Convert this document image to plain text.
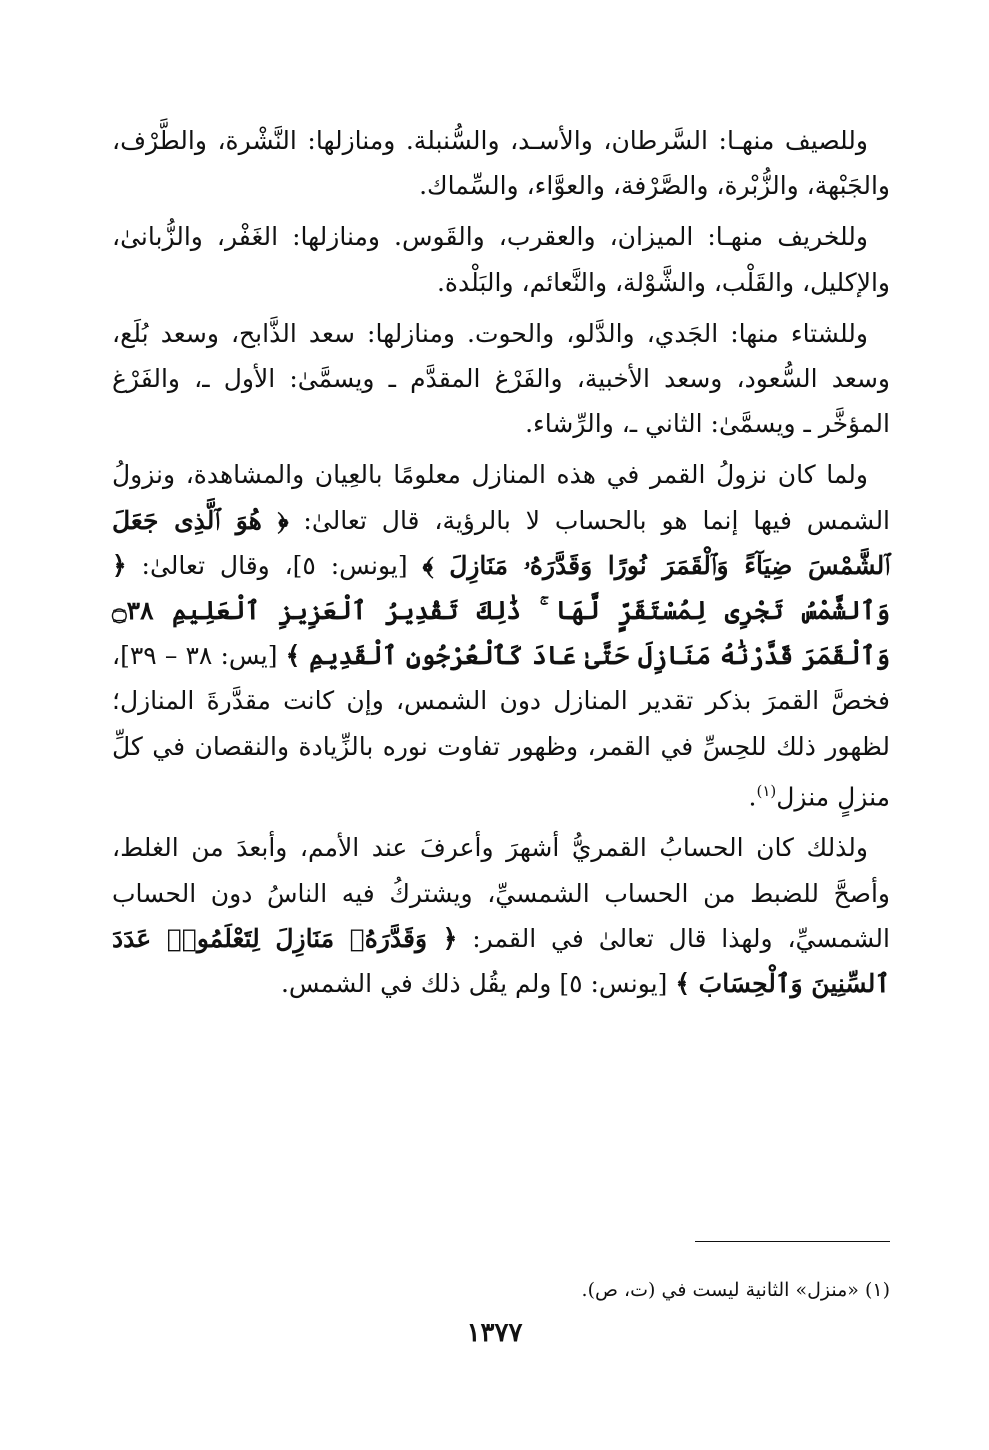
وللصيف منهـا: السَّرطان، والأسـد، والسُّنبلة. ومنازلها: النَّشْرة، والطَّرْف، والجَبْهة، والزُّبْرة، والصَّرْفة، والعوَّاء، والسِّماك.

وللخريف منهـا: الميزان، والعقرب، والقَوس. ومنازلها: الغَفْر، والزُّبانىٰ، والإكليل، والقَلْب، والشَّوْلة، والنَّعائم، والبَلْدة.

وللشتاء منها: الجَدي، والدَّلو، والحوت. ومنازلها: سعد الذَّابح، وسعد بُلَع، وسعد السُّعود، وسعد الأخبية، والفَرْغ المقدَّم ـ ويسمَّىٰ: الأول ـ، والفَرْغ المؤخَّر ـ ويسمَّىٰ: الثاني ـ، والرِّشاء.

ولما كان نزولُ القمر في هذه المنازل معلومًا بالعِيان والمشاهدة، ونزولُ الشمس فيها إنما هو بالحساب لا بالرؤية، قال تعالىٰ: ﴿ هُوَ ٱلَّذِى جَعَلَ ٱلشَّمْسَ ضِيَآءً وَٱلْقَمَرَ نُورًا وَقَدَّرَهُۥ مَنَازِلَ ﴾ [يونس: ٥]، وقال تعالىٰ: ﴿ وَٱلشَّمْسُ تَجْرِى لِمُسْتَقَرٍّ لَّهَا ۚ ذَٰلِكَ تَقْدِيرُ ٱلْعَزِيزِ ٱلْعَلِيمِ ۝٣٨ وَٱلْقَمَرَ قَدَّرْنَٰهُ مَنَازِلَ حَتَّىٰ عَادَ كَٱلْعُرْجُونِ ٱلْقَدِيمِ ﴾ [يس: ٣٨ – ٣٩]، فخصَّ القمرَ بذكر تقدير المنازل دون الشمس، وإن كانت مقدَّرةَ المنازل؛ لظهور ذلك للحِسِّ في القمر، وظهور تفاوت نوره بالزِّيادة والنقصان في كلِّ منزلٍ منزل$^{(١)}$.

ولذلك كان الحسابُ القمريُّ أشهرَ وأعرفَ عند الأمم، وأبعدَ من الغلط، وأصحَّ للضبط من الحساب الشمسيِّ، ويشتركُ فيه الناسُ دون الحساب الشمسيِّ، ولهذا قال تعالىٰ في القمر: ﴿ وَقَدَّرَهُۥ مَنَازِلَ لِتَعْلَمُوا۟ عَدَدَ ٱلسِّنِينَ وَٱلْحِسَابَ ﴾ [يونس: ٥] ولم يقُل ذلك في الشمس.

(١) «منزل» الثانية ليست في (ت، ص).
١٣٧٧
